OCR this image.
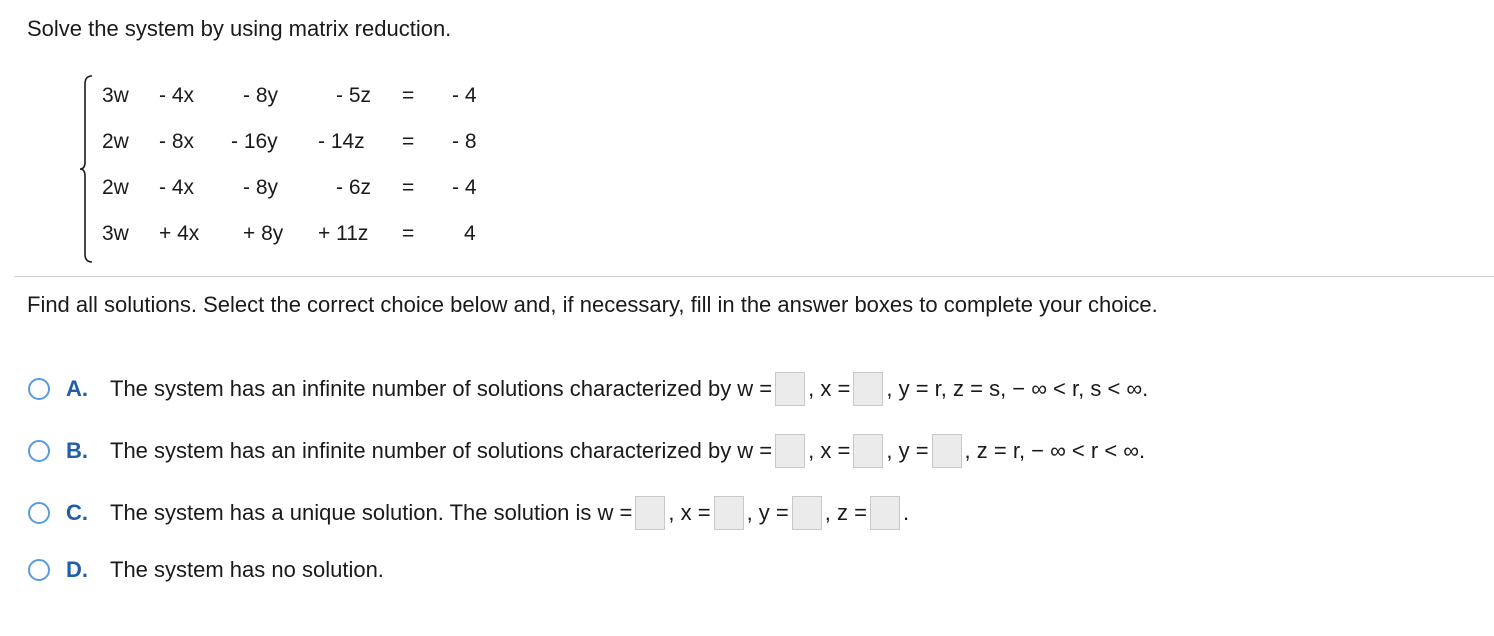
Solve the system by using matrix reduction.
3w - 4x - 8y	- 5z = - 4
2w - 8x - 16y - 14z = - 8
2w - 4x - 8y	- 6z = - 4
3w + 4x + 8y + 11z = 4
Find all solutions. Select the correct choice below and, if necessary, fill in the answer boxes to complete your choice.
A.	The system has an infinite number of solutions characterized by w = , x = , y = r, z = s, − ∞ < r, s < ∞.
B.	The system has an infinite number of solutions characterized by w = , x = , y = , z = r, − ∞ < r < ∞.
C.	The system has a unique solution. The solution is w = , x = , y = , z = .
D.	The system has no solution.
